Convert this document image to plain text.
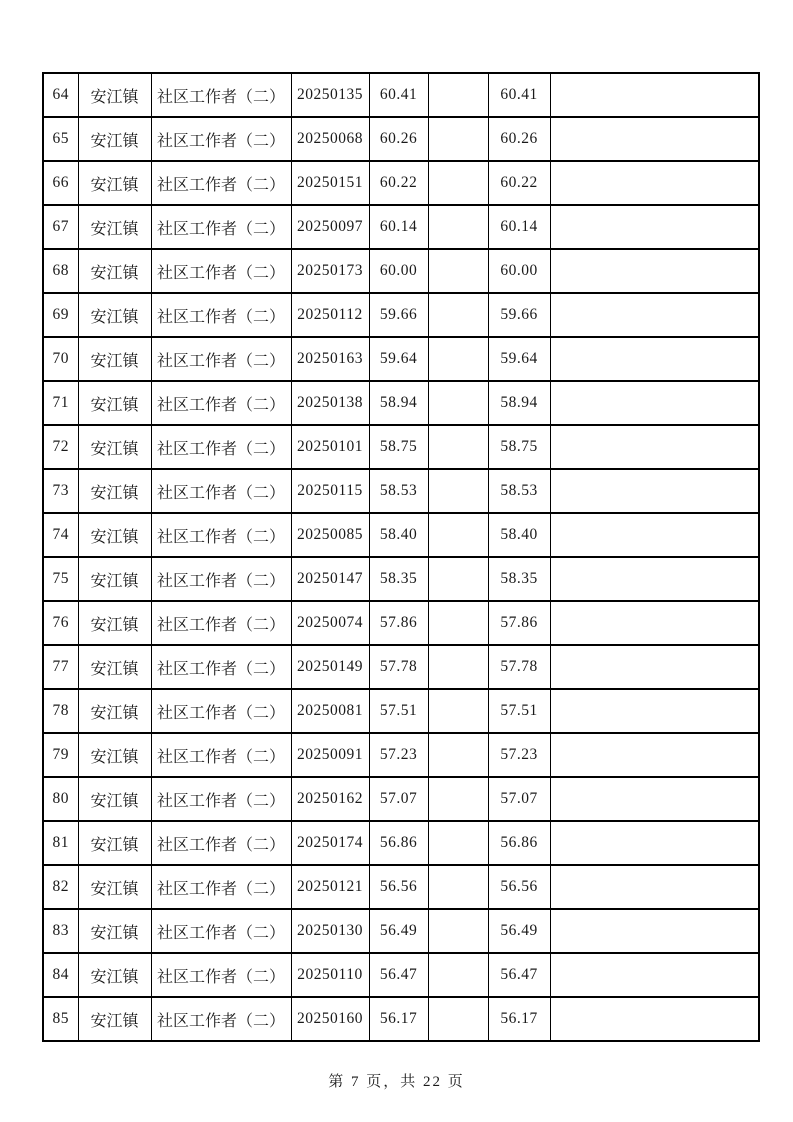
64	安江镇	社区工作者（二）	20250135	60.41		60.41	
65	安江镇	社区工作者（二）	20250068	60.26		60.26	
66	安江镇	社区工作者（二）	20250151	60.22		60.22	
67	安江镇	社区工作者（二）	20250097	60.14		60.14	
68	安江镇	社区工作者（二）	20250173	60.00		60.00	
69	安江镇	社区工作者（二）	20250112	59.66		59.66	
70	安江镇	社区工作者（二）	20250163	59.64		59.64	
71	安江镇	社区工作者（二）	20250138	58.94		58.94	
72	安江镇	社区工作者（二）	20250101	58.75		58.75	
73	安江镇	社区工作者（二）	20250115	58.53		58.53	
74	安江镇	社区工作者（二）	20250085	58.40		58.40	
75	安江镇	社区工作者（二）	20250147	58.35		58.35	
76	安江镇	社区工作者（二）	20250074	57.86		57.86	
77	安江镇	社区工作者（二）	20250149	57.78		57.78	
78	安江镇	社区工作者（二）	20250081	57.51		57.51	
79	安江镇	社区工作者（二）	20250091	57.23		57.23	
80	安江镇	社区工作者（二）	20250162	57.07		57.07	
81	安江镇	社区工作者（二）	20250174	56.86		56.86	
82	安江镇	社区工作者（二）	20250121	56.56		56.56	
83	安江镇	社区工作者（二）	20250130	56.49		56.49	
84	安江镇	社区工作者（二）	20250110	56.47		56.47	
85	安江镇	社区工作者（二）	20250160	56.17		56.17	
第 7 页，共 22 页
